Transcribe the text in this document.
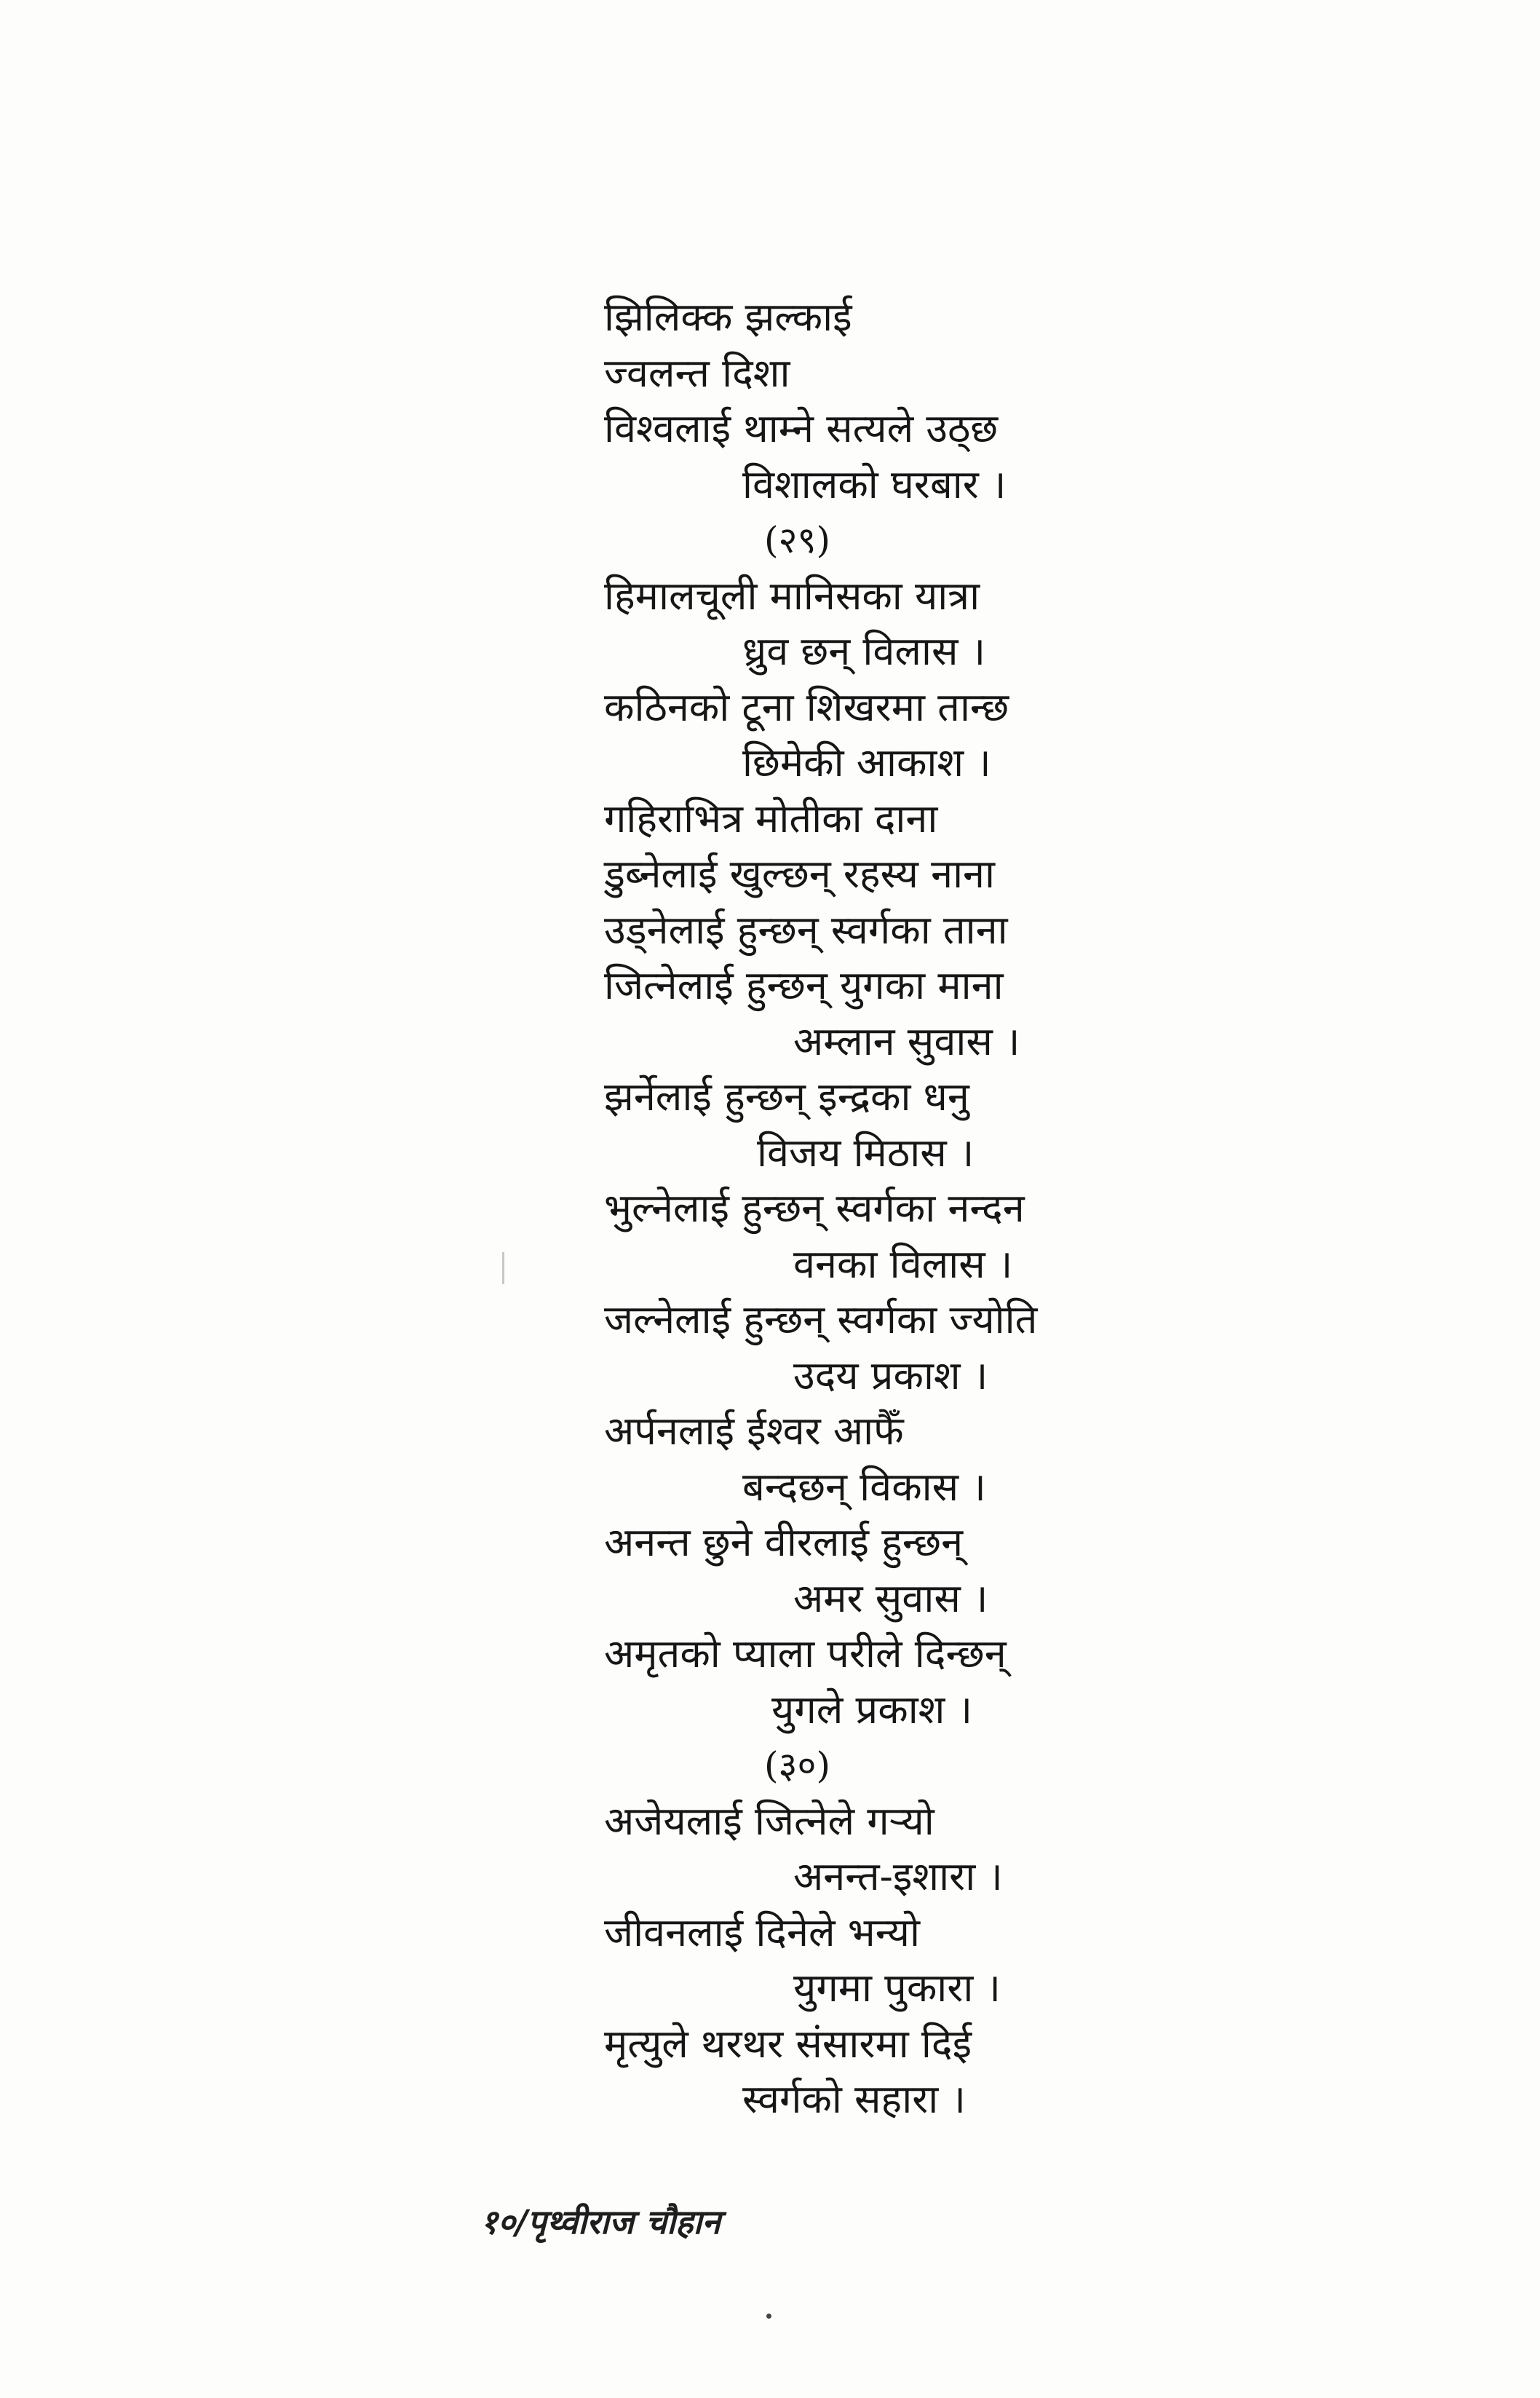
झिलिक्क झल्काई
ज्वलन्त दिशा
विश्वलाई थाम्ने सत्यले उठ्छ
विशालको घरबार ।
(२९)
हिमालचूली मानिसका यात्रा
ध्रुव छन् विलास ।
कठिनको टूना शिखरमा तान्छ
छिमेकी आकाश ।
गहिराभित्र मोतीका दाना
डुब्नेलाई खुल्छन् रहस्य नाना
उड्नेलाई हुन्छन् स्वर्गका ताना
जित्नेलाई हुन्छन् युगका माना
अम्लान सुवास ।
झर्नेलाई हुन्छन् इन्द्रका धनु
विजय मिठास ।
भुल्नेलाई हुन्छन् स्वर्गका नन्दन
वनका विलास ।
जल्नेलाई हुन्छन् स्वर्गका ज्योति
उदय प्रकाश ।
अर्पनलाई ईश्वर आफैँ
बन्दछन् विकास ।
अनन्त छुने वीरलाई हुन्छन्
अमर सुवास ।
अमृतको प्याला परीले दिन्छन्
युगले प्रकाश ।
(३०)
अजेयलाई जित्नेले गऱ्यो
अनन्त-इशारा ।
जीवनलाई दिनेले भन्यो
युगमा पुकारा ।
मृत्युले थरथर संसारमा दिई
स्वर्गको सहारा ।
१०/पृथ्वीराज चौहान
